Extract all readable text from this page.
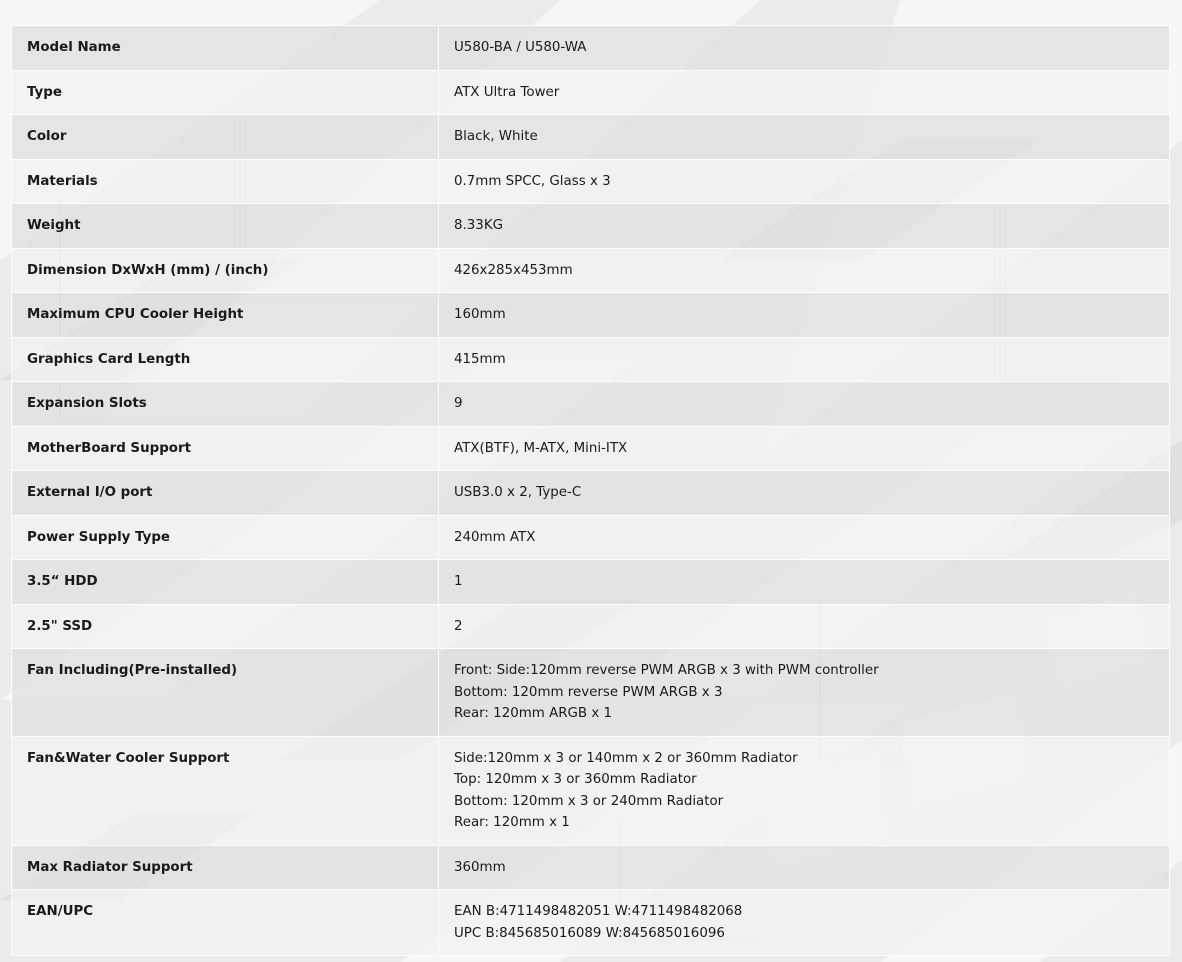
Model Name	U580-BA / U580-WA

Type	ATX Ultra Tower

Color	Black, White

Materials	0.7mm SPCC, Glass x 3

Weight	8.33KG

Dimension DxWxH (mm) / (inch)	426x285x453mm

Maximum CPU Cooler Height	160mm

Graphics Card Length	415mm

Expansion Slots	9

MotherBoard Support	ATX(BTF), M-ATX, Mini-ITX

External I/O port	USB3.0 x 2, Type-C

Power Supply Type	240mm ATX

3.5“ HDD	1

2.5" SSD	2

Fan Including(Pre-installed)	Front: Side:120mm reverse PWM ARGB x 3 with PWM controller
Bottom: 120mm reverse PWM ARGB x 3
Rear: 120mm ARGB x 1

Fan&Water Cooler Support	Side:120mm x 3 or 140mm x 2 or 360mm Radiator
Top: 120mm x 3 or 360mm Radiator
Bottom: 120mm x 3 or 240mm Radiator
Rear: 120mm x 1

Max Radiator Support	360mm

EAN/UPC	EAN B:4711498482051 W:4711498482068
UPC B:845685016089 W:845685016096
